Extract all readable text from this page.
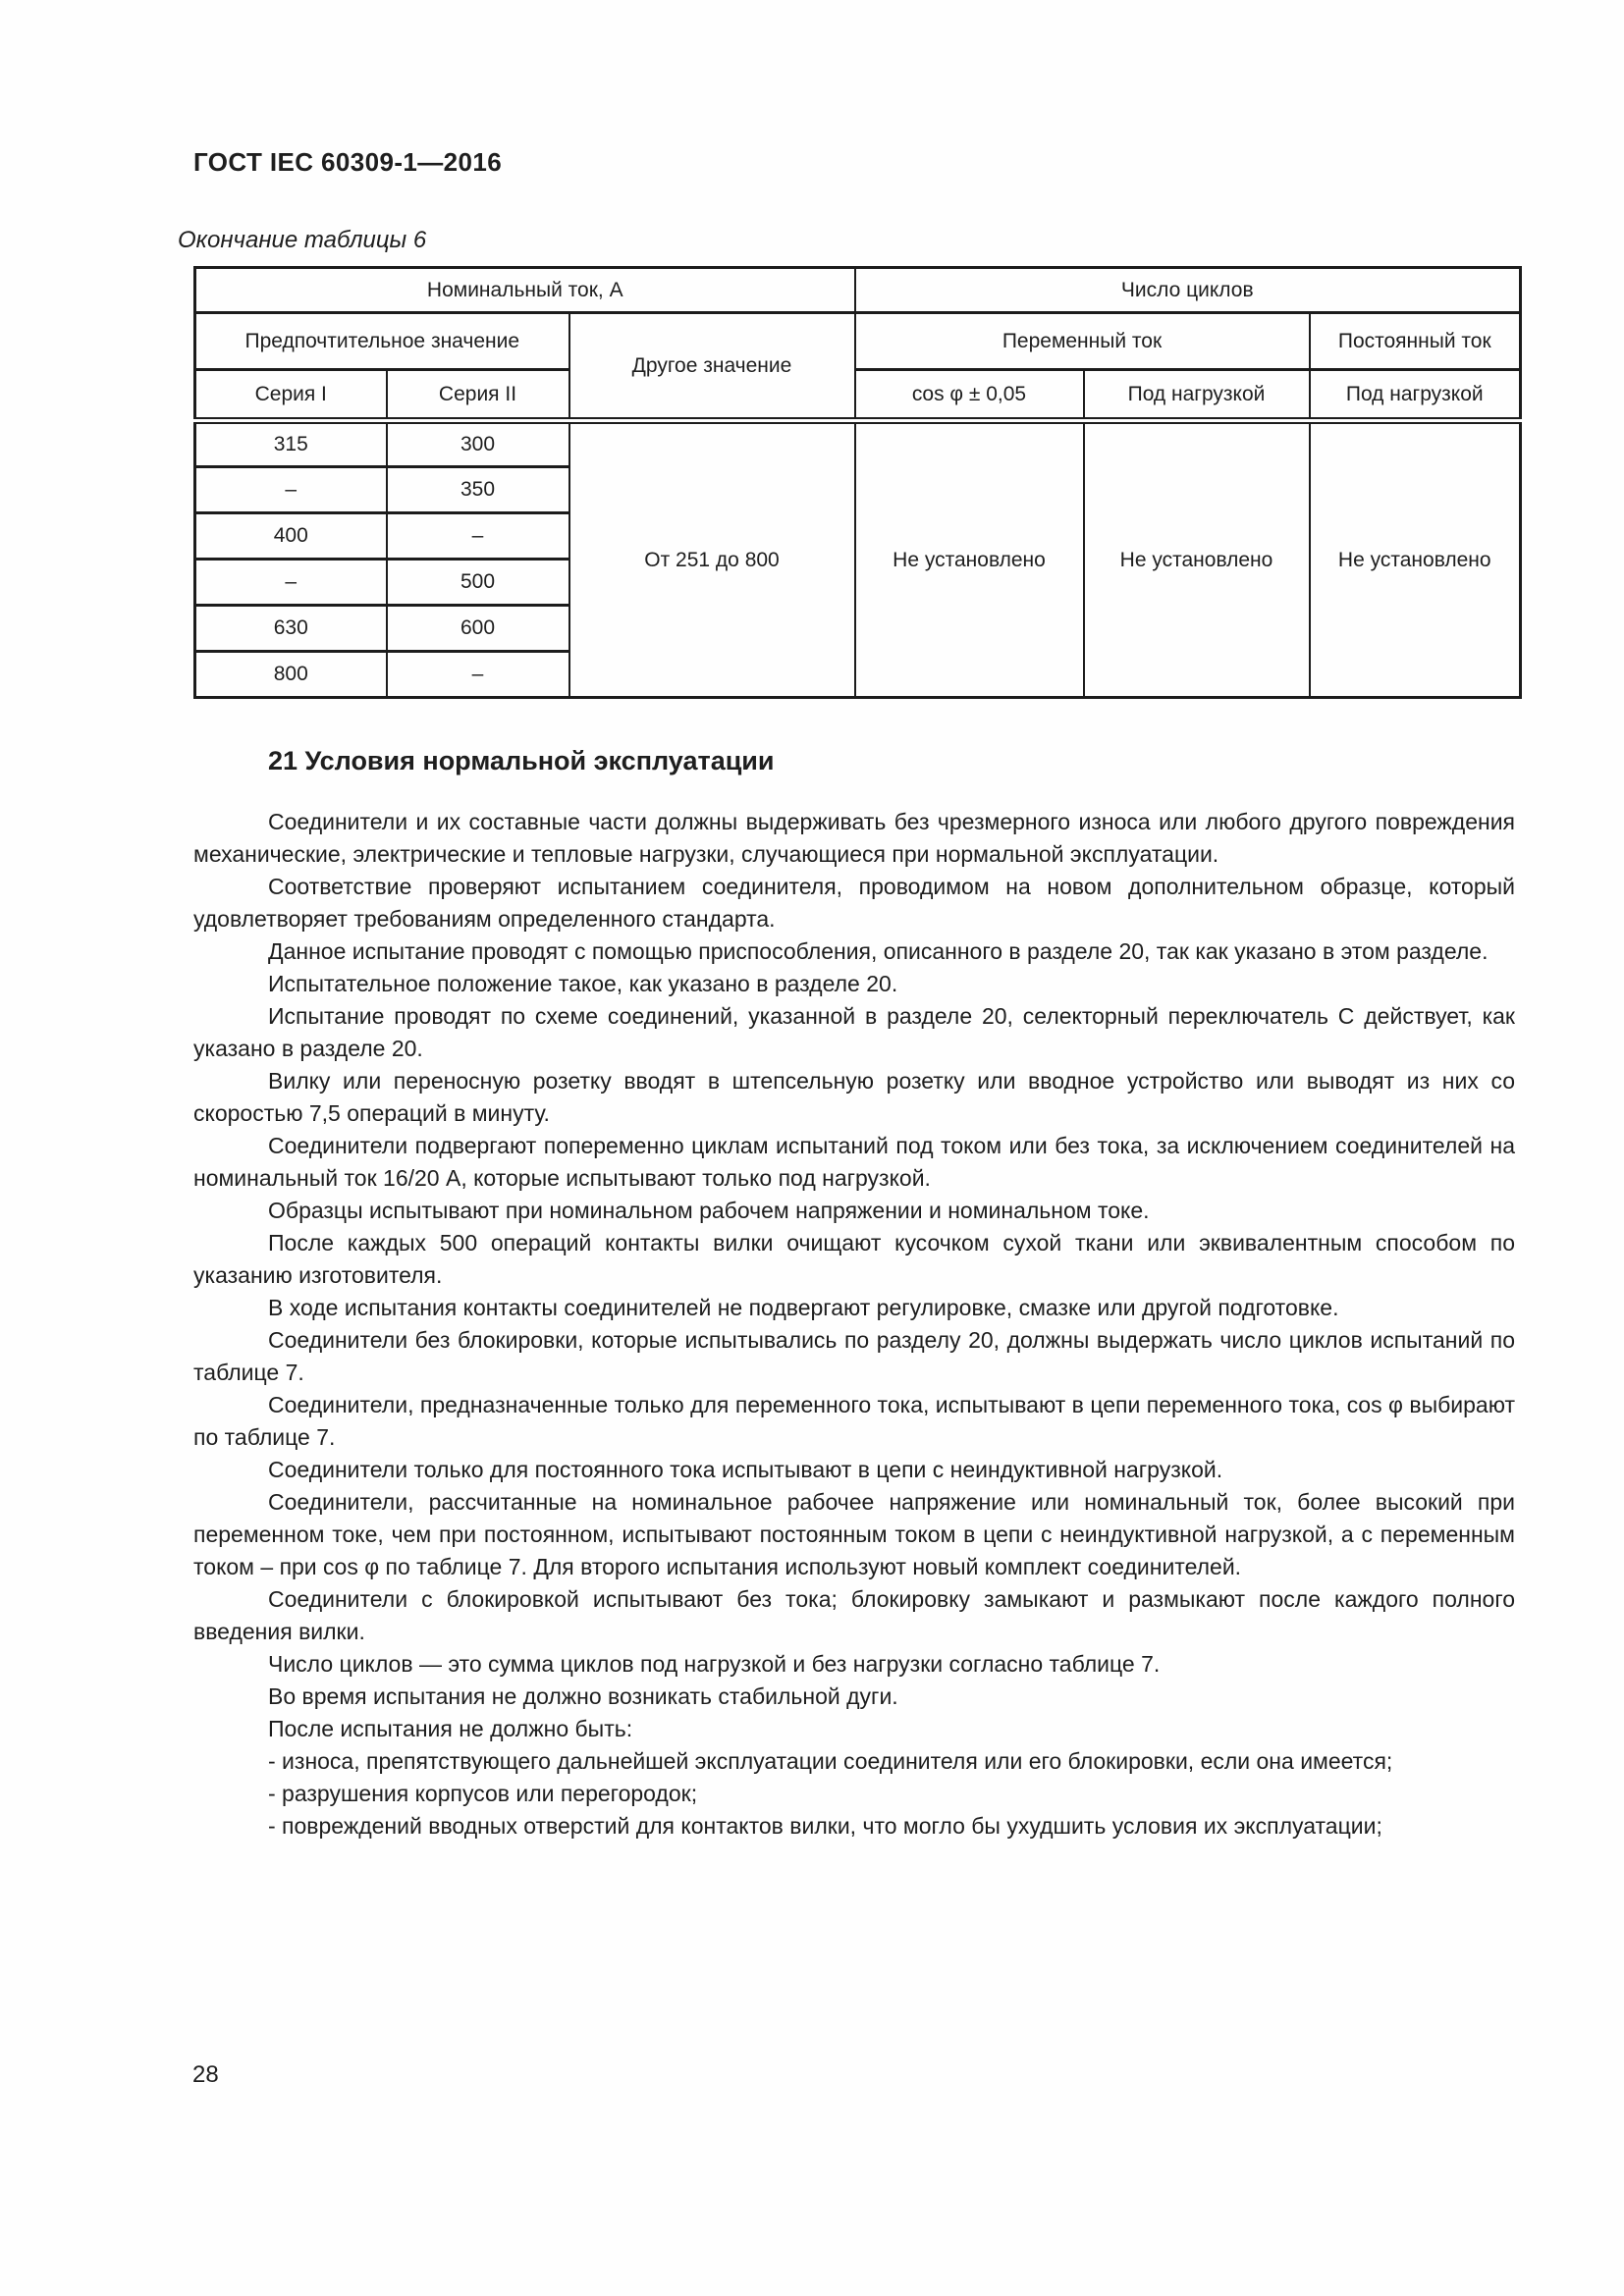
ГОСТ IEC 60309-1—2016
Окончание таблицы 6
Номинальный ток, А			Число циклов		
Предпочтительное значение		Другое значение	Переменный ток		Постоянный ток
Серия I	Серия II		cos φ ± 0,05	Под нагрузкой	Под нагрузкой
315	300	От 251 до 800	Не установлено	Не установлено	Не установлено
–	350				
400	–				
–	500				
630	600				
800	–				
21 Условия нормальной эксплуатации

Соединители и их составные части должны выдерживать без чрезмерного износа или любого другого повреждения механические, электрические и тепловые нагрузки, случающиеся при нормальной эксплуатации.

Соответствие проверяют испытанием соединителя, проводимом на новом дополнительном образце, который удовлетворяет требованиям определенного стандарта.

Данное испытание проводят с помощью приспособления, описанного в разделе 20, так как указано в этом разделе.

Испытательное положение такое, как указано в разделе 20.

Испытание проводят по схеме соединений, указанной в разделе 20, селекторный переключатель С действует, как указано в разделе 20.

Вилку или переносную розетку вводят в штепсельную розетку или вводное устройство или выводят из них со скоростью 7,5 операций в минуту.

Соединители подвергают попеременно циклам испытаний под током или без тока, за исключением соединителей на номинальный ток 16/20 А, которые испытывают только под нагрузкой.

Образцы испытывают при номинальном рабочем напряжении и номинальном токе.

После каждых 500 операций контакты вилки очищают кусочком сухой ткани или эквивалентным способом по указанию изготовителя.

В ходе испытания контакты соединителей не подвергают регулировке, смазке или другой подготовке.

Соединители без блокировки, которые испытывались по разделу 20, должны выдержать число циклов испытаний по таблице 7.

Соединители, предназначенные только для переменного тока, испытывают в цепи переменного тока, cos φ выбирают по таблице 7.

Соединители только для постоянного тока испытывают в цепи с неиндуктивной нагрузкой.

Соединители, рассчитанные на номинальное рабочее напряжение или номинальный ток, более высокий при переменном токе, чем при постоянном, испытывают постоянным током в цепи с неиндуктивной нагрузкой, а с переменным током – при cos φ по таблице 7. Для второго испытания используют новый комплект соединителей.

Соединители с блокировкой испытывают без тока; блокировку замыкают и размыкают после каждого полного введения вилки.

Число циклов — это сумма циклов под нагрузкой и без нагрузки согласно таблице 7.

Во время испытания не должно возникать стабильной дуги.

После испытания не должно быть:

- износа, препятствующего дальнейшей эксплуатации соединителя или его блокировки, если она имеется;

- разрушения корпусов или перегородок;

- повреждений вводных отверстий для контактов вилки, что могло бы ухудшить условия их эксплуатации;

28
